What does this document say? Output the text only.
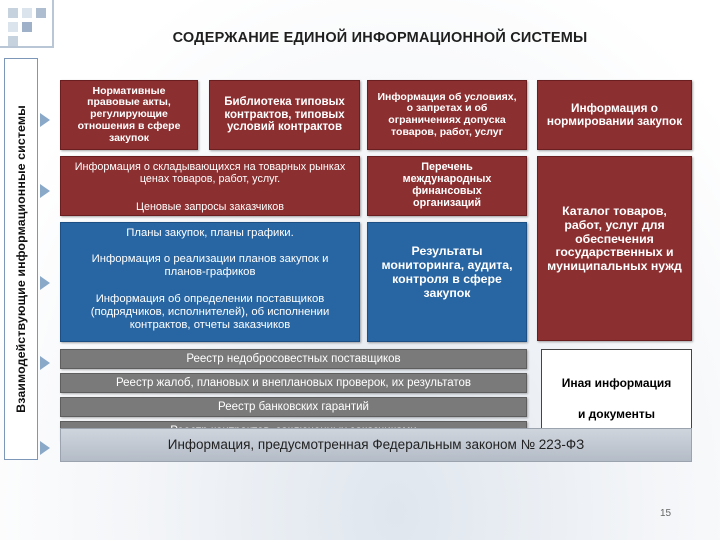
СОДЕРЖАНИЕ ЕДИНОЙ ИНФОРМАЦИОННОЙ СИСТЕМЫ
Взаимодействующие информационные системы
Нормативные правовые акты, регулирующие отношения в сфере закупок
Библиотека типовых контрактов, типовых условий контрактов
Информация об условиях, о запретах и об ограничениях допуска товаров, работ, услуг
Информация о нормировании закупок
Информация о складывающихся на товарных рынках ценах товаров, работ, услуг.
Ценовые запросы заказчиков
Перечень международных финансовых организаций
Каталог товаров, работ, услуг для обеспечения государственных и муниципальных нужд
Планы закупок, планы графики.
Информация о реализации планов закупок и планов-графиков
Информация об определении поставщиков (подрядчиков, исполнителей), об исполнении контрактов, отчеты заказчиков
Результаты мониторинга, аудита, контроля в сфере закупок
Реестр недобросовестных поставщиков
Реестр жалоб, плановых и внеплановых проверок, их результатов
Реестр банковских гарантий
Иная информация
и документы
Информация, предусмотренная Федеральным законом № 223-ФЗ
15
